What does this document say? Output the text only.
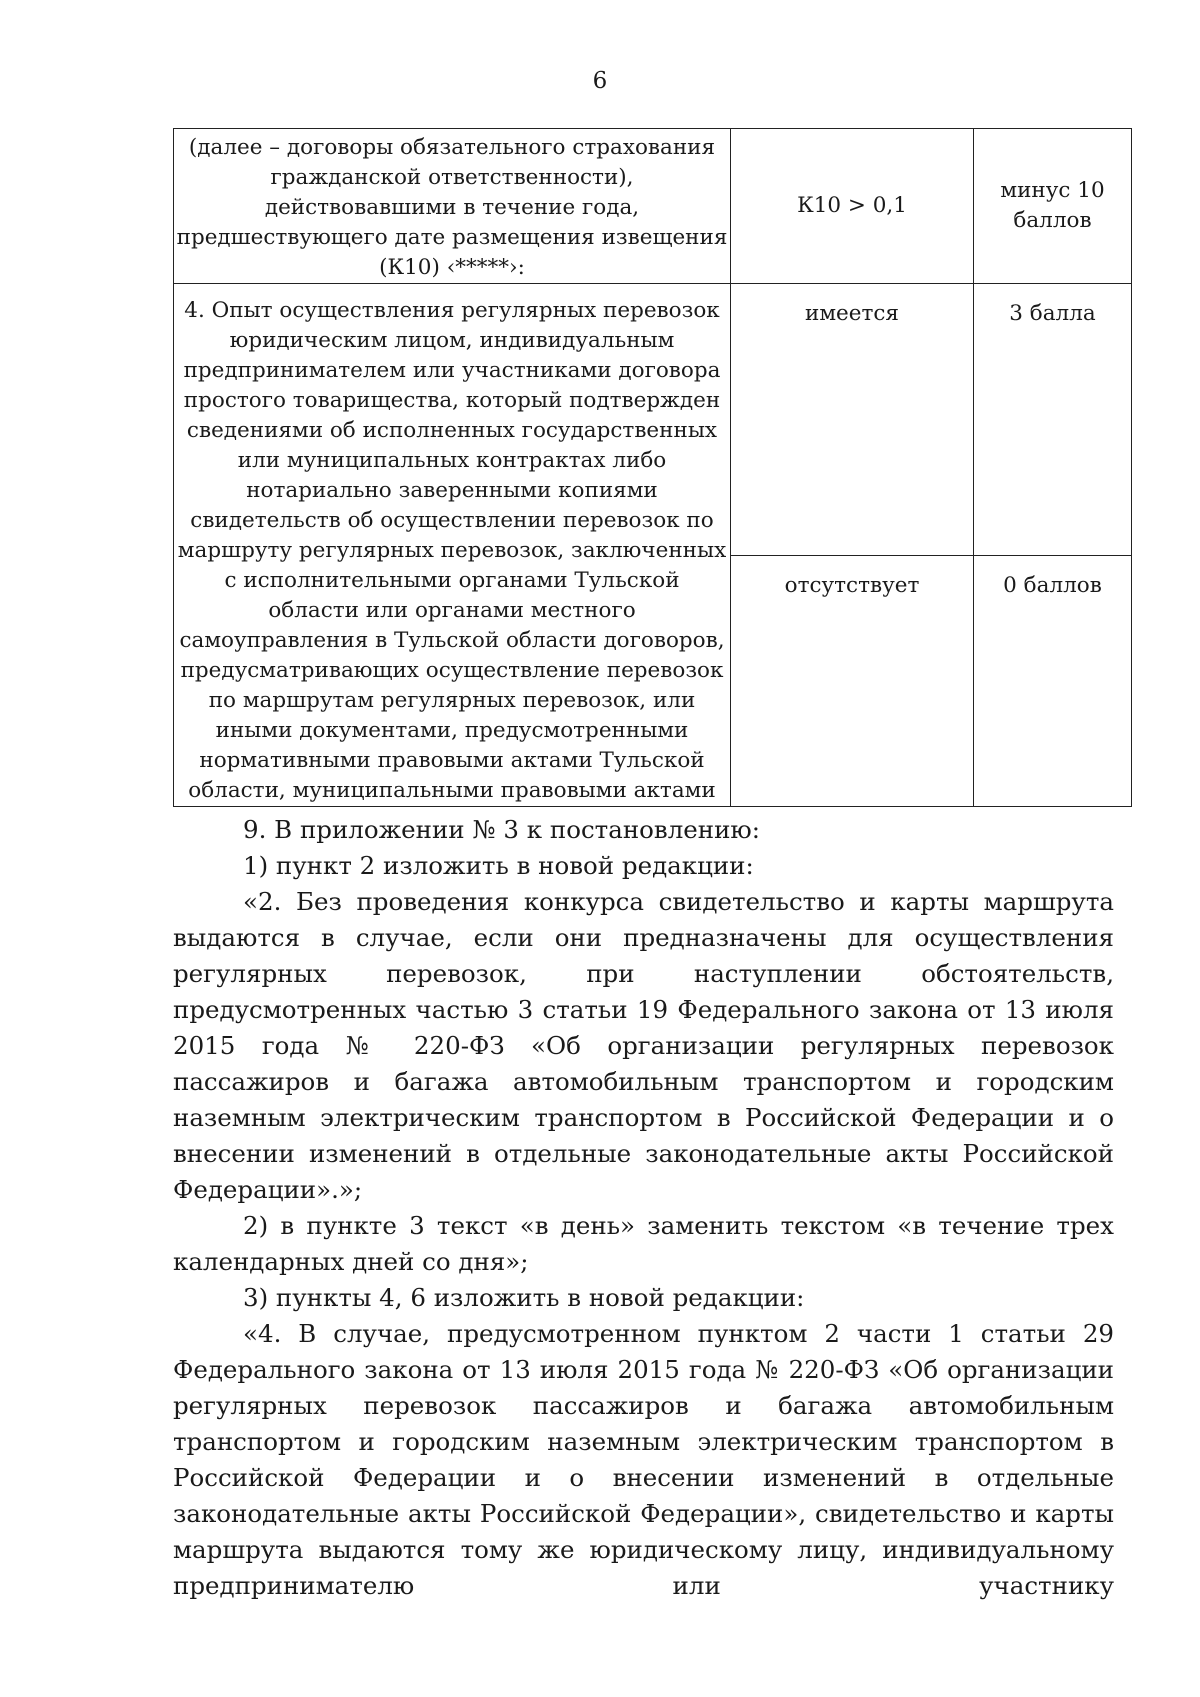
6
(далее – договоры обязательного страхования гражданской ответственности), действовавшими в течение года, предшествующего дате размещения извещения (К10) ‹*****›:	К10 > 0,1	минус 10 баллов
4. Опыт осуществления регулярных перевозок юридическим лицом, индивидуальным предпринимателем или участниками договора простого товарищества, который подтвержден сведениями об исполненных государственных или муниципальных контрактах либо нотариально заверенными копиями свидетельств об осуществлении перевозок по маршруту регулярных перевозок, заключенных с исполнительными органами Тульской области или органами местного самоуправления в Тульской области договоров, предусматривающих осуществление перевозок по маршрутам регулярных перевозок, или иными документами, предусмотренными нормативными правовыми актами Тульской области, муниципальными правовыми актами	имеется	3 балла
	отсутствует	0 баллов

9. В приложении № 3 к постановлению:

1) пункт 2 изложить в новой редакции:

«2. Без проведения конкурса свидетельство и карты маршрута выдаются в случае, если они предназначены для осуществления регулярных перевозок, при наступлении обстоятельств, предусмотренных частью 3 статьи 19 Федерального закона от 13 июля 2015 года № 220-ФЗ «Об организации регулярных перевозок пассажиров и багажа автомобильным транспортом и городским наземным электрическим транспортом в Российской Федерации и о внесении изменений в отдельные законодательные акты Российской Федерации».»;

2) в пункте 3 текст «в день» заменить текстом «в течение трех календарных дней со дня»;

3) пункты 4, 6 изложить в новой редакции:

«4. В случае, предусмотренном пунктом 2 части 1 статьи 29 Федерального закона от 13 июля 2015 года № 220-ФЗ «Об организации регулярных перевозок пассажиров и багажа автомобильным транспортом и городским наземным электрическим транспортом в Российской Федерации и о внесении изменений в отдельные законодательные акты Российской Федерации», свидетельство и карты маршрута выдаются тому же юридическому лицу, индивидуальному предпринимателю или участнику
